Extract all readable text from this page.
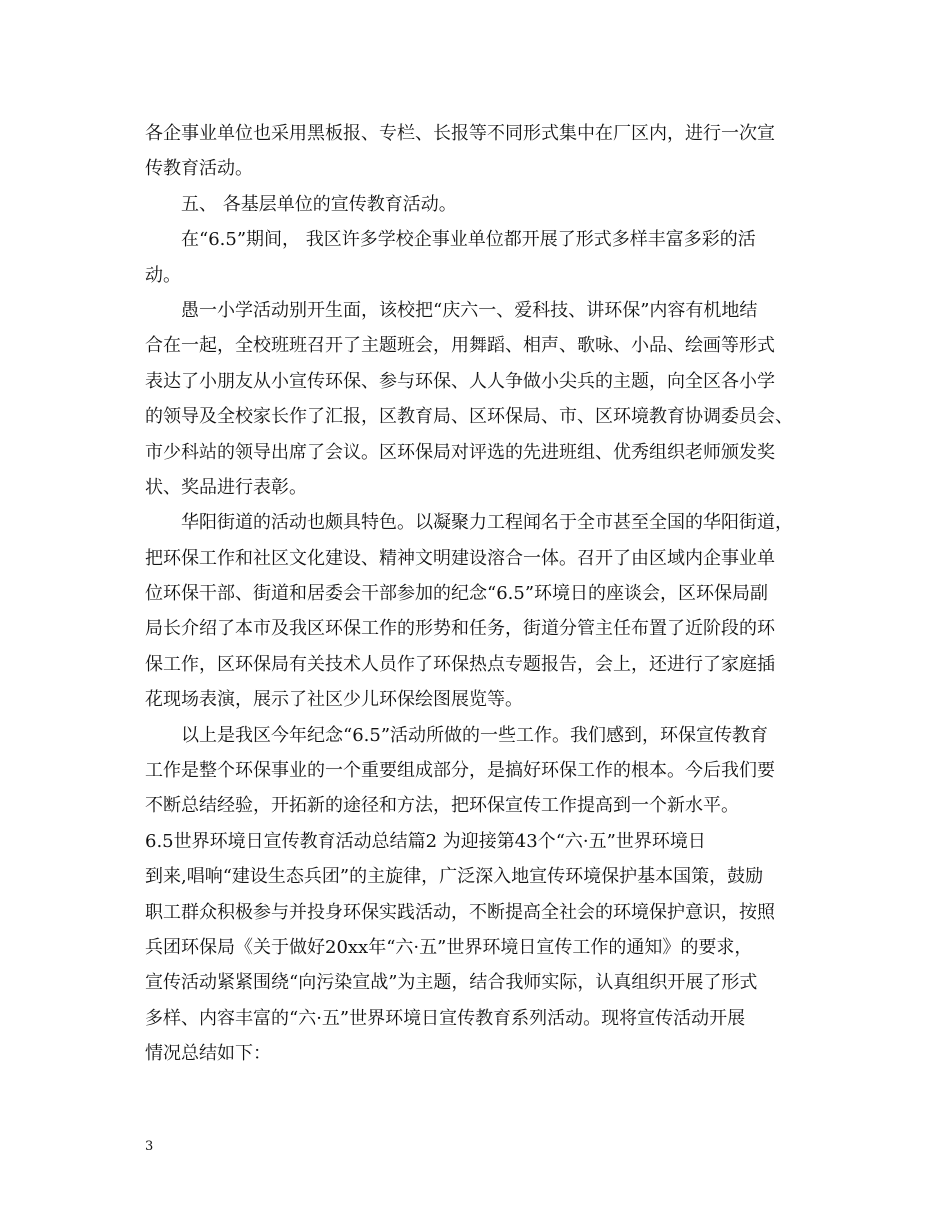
各企事业单位也采用黑板报、专栏、长报等不同形式集中在厂区内，进行一次宣
传教育活动。
五、 各基层单位的宣传教育活动。
在“6.5”期间， 我区许多学校企事业单位都开展了形式多样丰富多彩的活
动。
愚一小学活动别开生面，该校把“庆六一、爱科技、讲环保”内容有机地结
合在一起，全校班班召开了主题班会，用舞蹈、相声、歌咏、小品、绘画等形式
表达了小朋友从小宣传环保、参与环保、人人争做小尖兵的主题，向全区各小学
的领导及全校家长作了汇报，区教育局、区环保局、市、区环境教育协调委员会、
市少科站的领导出席了会议。区环保局对评选的先进班组、优秀组织老师颁发奖
状、奖品进行表彰。
华阳街道的活动也颇具特色。以凝聚力工程闻名于全市甚至全国的华阳街道，
把环保工作和社区文化建设、精神文明建设溶合一体。召开了由区域内企事业单
位环保干部、街道和居委会干部参加的纪念“6.5”环境日的座谈会，区环保局副
局长介绍了本市及我区环保工作的形势和任务，街道分管主任布置了近阶段的环
保工作，区环保局有关技术人员作了环保热点专题报告，会上，还进行了家庭插
花现场表演，展示了社区少儿环保绘图展览等。
以上是我区今年纪念“6.5”活动所做的一些工作。我们感到，环保宣传教育
工作是整个环保事业的一个重要组成部分，是搞好环保工作的根本。今后我们要
不断总结经验，开拓新的途径和方法，把环保宣传工作提高到一个新水平。
6.5世界环境日宣传教育活动总结篇2 为迎接第43个“六·五”世界环境日
到来,唱响“建设生态兵团”的主旋律，广泛深入地宣传环境保护基本国策，鼓励
职工群众积极参与并投身环保实践活动，不断提高全社会的环境保护意识，按照
兵团环保局《关于做好20xx年“六·五”世界环境日宣传工作的通知》的要求，
宣传活动紧紧围绕“向污染宣战”为主题，结合我师实际，认真组织开展了形式
多样、内容丰富的“六·五”世界环境日宣传教育系列活动。现将宣传活动开展
情况总结如下：
3
